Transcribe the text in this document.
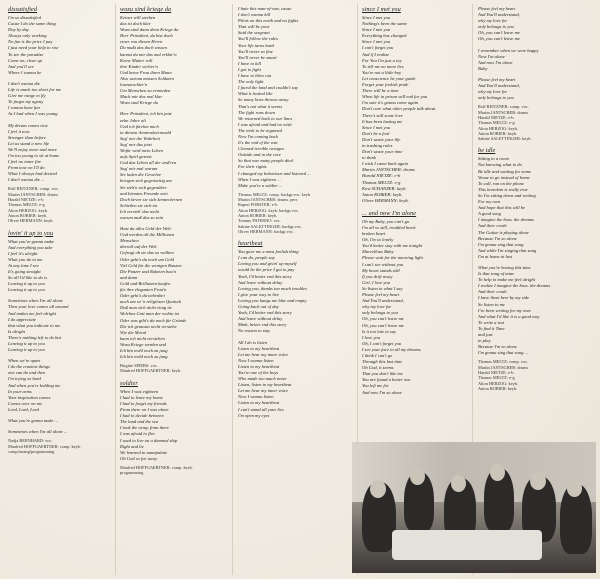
dissatisfied
I'm so dissatisfied
Cause I do the same thing
Day by day
Always only working
No fun is the price I pay
I just need your help to rise
To see the paradise
Come on, clear up
And you'll see
Where I wanna be
I don't wanna die
Life is much too short for me
Give me range to fly
To forget my agony
I wanna have fun
As I had when I was young
My dream comes true
I feel it now
Stronger than before
Let us stand a new life
We'll enjoy more and more
I'm too young to sit at home
I feel no inner fire
From now on I'll do
What I always had desired
I don't wanna die ...
Rolf REITZNER: comp. voc.
Martin JANTSCHER: drums
Harald NIETZE: e-b
Thomas MELTZ: e-g
Alton HERZOG: keyb.
Anton ROBIER: keyb.
Oliver HERMANN: keyb.
lovin' it up to you
What you've gonna make
And everything you take
I feel it's alright
What you do to me
At any time I see
It's going straight
So all I'd like to do is
Leaving it up to you
Leaving it up to you
Sometimes when I'm all alone
Then your love comes all around
And makes me feel alright
I do appreciate
that what you indicate to me
Is alright
There's nothing left to do but
Leaving it up to you
Leaving it up to you
When we're apart
I do the craziest things
one can do and then
I'm trying so hard
And when you're holding me
In your arms
Your inspiration comes
Comes over on me
Lord, Lord, Lord
What you're gonna make ...
Sometimes when I'm all alone ...
Nadja BERNHARD: voc.
Manfred HOFFGAERTNER: comp. keyb.
comp/arrang/programming
wozu sind kriege da
Keiner will sterben
das ist doch klar
Wozu sind dann denn Kriege da
Herr Präsident, du bist doch
einer von diesen Herrn
Du mußt das doch wissen
kannst du mir das mal erklär'n
Keine Mutter will
ihre Kinder verlier'n
Und keine Frau ihren Mann
Also warum müssen Soldaten
losmarschier'n
Um Menschen zu ermorden
Mach mir das mal klar
Wozu sind Kriege da
Herr Präsident, ich bin jetzt
zehn Jahre alt
Und ich fürchte mich
in diesem Atomraketenwald
Sag' mir die Wahrheit
Sag' mir das jetzt
Wofür wird mein Leben
aufs Spiel gesetzt
Und das Leben all der and'ren
Sag' mir mal warum
Sie laden die Gewehre
bringen sich gegenseitig um
Sie steh'n sich gegenüber
und könnten Freunde sein
Doch bevor sie sich kennenlernen
Schießen sie sich tot
Ich versteh' das nicht
warum muß das so sein
Hast du alles Geld der Welt
Und werden all die Millionen
Menschen
überall auf der Welt
Gefragt ob sie das so wollten
Oder geht's da noch um Geld
Viel Geld für die wenigen Bonzen
Die Panzer und Raketen bau'n
und dann
Gold und Brillanten kaufen
für ihre eleganten Frau'n
Oder geht's da nebenbei
auch um so 'n religiösen Quatsch
Daß man sich nicht einig ist
Welchen Gott man der wohin ist
Oder was gibt's da noch für Gründe
Die ich genauso nicht verstehe
Wie die Moral
kann ich nicht verstehen
Wozu Kriege werden und
Ich bin wohl noch zu jung
Ich bin wohl noch zu jung
Brigitte SPIERS: voc.
Manfred HOFFGAERTNER: keyb.
soldier
When I was eighteen
I had to leave my home
I had to forget my friends
From there on I was alone
I had to decide between
The land and the sea
I took the army, from there
I was afraid to flee
I used to live on a damned ship
Right and lie
We learned to manipulate
Oh God so far away
Manfred HOFFGAERTNER: comp. keyb.
programming
I hate this man-of-war, cause
I don't wanna kill
Pilots on this earth and no fights
That will be your
Said the sergeant
You'll follow the rules
Your life turns hard
You'll never so fine
You'll never be smart
I have to kill
I got to fight
I have to blow out
The only light
I faced the land and couldn't say
What it looked like
So many lines thrown away
That's not what it seems
The fight runs down
We returned back to our lines
I was afraid and had no wish
The wish to be regained
Now I'm coming back
It's the end of the war
Cleaned terrible ravages
Outside and in the core
So that war many people died
For their rights
I changed my behaviour and listened ...
When I was eighteen ...
Make you're a soldier ...
Thomas MELTZ: comp. backgr.voc. keyb.
Martin JANTSCHER: drums. perc
Rupert FORSTER: e-b
Alton HERZOG: keyb. backgr.voc.
Anton ROBIER: keyb.
Tommy PATERNO: voc.
Sabine SALETTINGER: backgr.voc.
Oliver HERMANN: backgr.voc.
heartbeat
You gave me a most foolish thing
I can do, people say
Loving you and givin' up myself
would be the price I got to pay
Yeah, I'd better end this story
And leave without delay
Loving you, thanks too much troubles
I give your way to live
Loving you hangs me blue and empty
Going back out of day
Yeah, I'd better end this story
And leave without delay
Mmh, better end this story
No reason to stay
All I do is listen
Listen to my heartbeat
Let me hear my inner voice
Now I wanna listen
Listen to my heartbeat
You're one of the boys
Who made too much noise
Listen, listen to my heartbeat
Let me hear my inner voice
Now I wanna listen
Listen to my heartbeat
I can't stand all your lies
I'm open my eyes
since I met you
Since I met you
Nothing's been the same
Since I met you
Everything has changed
Since I met you
I can't forget you
And if I realize
For You I'm just a toy
To tell me no more lies
You're not a little boy
Let conscience be your guide
Forget your foolish pride
There will be a time
When life in prison will end for you
I'm sure it's gonna come again
Don't care what other people talk about
There's still some love
It has been lasting me
Since I met you
Don't be a fool
Don't waste your life
in trashing rules
Don't waste your time
to think
I wish I came back again
Martin JANTSCHER: drums
Harald NIETZE: e-b
Thomas MELTZ: e-g
Kira SCHANZER: keyb.
Anton ROBIER: keyb.
Oliver HERMANN: keyb.
... and now I'm alone
Oh my Baby, you can't go
I'm all so still, troubled heart
broken heart
Oh, I'm so lonely
You'd better stay with me tonight
Marvellous Baby
Please wait for the morning light
I can't see without you
My heart stands still
If you drift away
Girl, I love you
So listen to what I say
Please feel my heart
And You'll understand,
why my love for
only belongs to you
Oh, you can't leave me
Oh, you can't leave me
Is it too late to say
I love you
Oh, I can't forget you
I see your face in all my dreams
I think I can't go
Through this last time
Oh God, it seems
That you don't like me
You are found a better one
You left me for
And now I'm so alone
Please feel my heart
And You'll understand,
why my love for
only belongs to you
Oh, you can't leave me
Oh, you can't leave me
I remember when we were happy
Now I'm alone
And now I'm alone
Baby
Please feel my heart
And You'll understand,
why my love for
only belongs to you
Rolf REITZNER: comp. voc.
Martin JANTSCHER: drums
Harald NIETZE: e-b
Thomas MELTZ: e-g
Alton HERZOG: keyb.
Anton ROBIER: keyb.
Sabine SALETTINGER: keyb.
be idle
Sitting in a room
Not knowing what to do
Be idle and waiting for some
Venue to go instead of home
To call, run on the phone
This boredom is really true
So I'm sitting down and writing
For my own
And hope that this will be
A good song
I imagine the boss. the dreams
And their crash
The Guitar is playing alone
Because I'm so alone
I'm gonna sing that song
And while I'm singing that song
I'm at home at last
What you're having this time
Is that song of mine
To help to make me feel alright
I realize I imagine the boss. the dreams
And their crash
I have them here by my side
So listen to me
I've been writing for my own
And what I'd like it is a good way
To write a text
To find it Time
and just
to play
Because I'm so alone
I'm gonna sing that song ...
Thomas MELTZ: comp. voc.
Martin JANTSCHER: drums
Harald NIETZE: e-b
Thomas MELTZ: e-g
Alton HERZOG: keyb.
Anton ROBIER: keyb.
